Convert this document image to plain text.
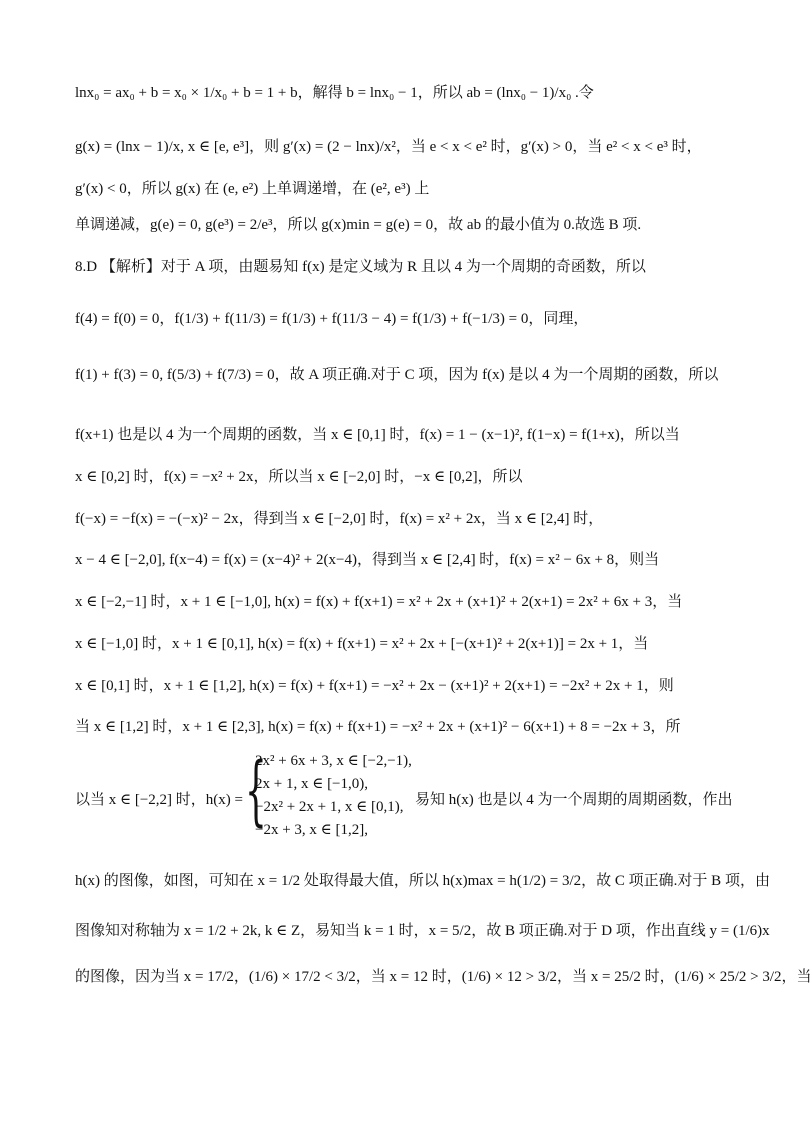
lnx₀ = ax₀ + b = x₀ × 1/x₀ + b = 1 + b，解得 b = lnx₀ − 1，所以 ab = (lnx₀ − 1)/x₀ .令
g(x) = (lnx − 1)/x, x ∈ [e, e³]，则 g′(x) = (2 − lnx)/x²，当 e < x < e² 时，g′(x) > 0，当 e² < x < e³ 时，
g′(x) < 0，所以 g(x) 在 (e, e²) 上单调递增，在 (e², e³) 上
单调递减，g(e) = 0, g(e³) = 2/e³，所以 g(x)min = g(e) = 0，故 ab 的最小值为 0.故选 B 项.
8.D 【解析】对于 A 项，由题易知 f(x) 是定义域为 R 且以 4 为一个周期的奇函数，所以
f(4) = f(0) = 0，f(1/3) + f(11/3) = f(1/3) + f(11/3 − 4) = f(1/3) + f(−1/3) = 0，同理，
f(1) + f(3) = 0, f(5/3) + f(7/3) = 0，故 A 项正确.对于 C 项，因为 f(x) 是以 4 为一个周期的函数，所以
f(x+1) 也是以 4 为一个周期的函数，当 x ∈ [0,1] 时，f(x) = 1 − (x−1)², f(1−x) = f(1+x)，所以当
x ∈ [0,2] 时，f(x) = −x² + 2x，所以当 x ∈ [−2,0] 时，−x ∈ [0,2]，所以
f(−x) = −f(x) = −(−x)² − 2x，得到当 x ∈ [−2,0] 时，f(x) = x² + 2x，当 x ∈ [2,4] 时，
x − 4 ∈ [−2,0], f(x−4) = f(x) = (x−4)² + 2(x−4)，得到当 x ∈ [2,4] 时，f(x) = x² − 6x + 8，则当
x ∈ [−2,−1] 时，x + 1 ∈ [−1,0], h(x) = f(x) + f(x+1) = x² + 2x + (x+1)² + 2(x+1) = 2x² + 6x + 3，当
x ∈ [−1,0] 时，x + 1 ∈ [0,1], h(x) = f(x) + f(x+1) = x² + 2x + [−(x+1)² + 2(x+1)] = 2x + 1，当
x ∈ [0,1] 时，x + 1 ∈ [1,2], h(x) = f(x) + f(x+1) = −x² + 2x − (x+1)² + 2(x+1) = −2x² + 2x + 1，则
当 x ∈ [1,2] 时，x + 1 ∈ [2,3], h(x) = f(x) + f(x+1) = −x² + 2x + (x+1)² − 6(x+1) + 8 = −2x + 3，所
以当 x ∈ [−2,2] 时，h(x) = {
2x² + 6x + 3, x ∈ [−2,−1),
2x + 1, x ∈ [−1,0),
−2x² + 2x + 1, x ∈ [0,1),
−2x + 3, x ∈ [1,2],
易知 h(x) 也是以 4 为一个周期的周期函数，作出
h(x) 的图像，如图，可知在 x = 1/2 处取得最大值，所以 h(x)max = h(1/2) = 3/2，故 C 项正确.对于 B 项，由
图像知对称轴为 x = 1/2 + 2k, k ∈ Z，易知当 k = 1 时，x = 5/2，故 B 项正确.对于 D 项，作出直线 y = (1/6)x
的图像，因为当 x = 17/2，(1/6) × 17/2 < 3/2，当 x = 12 时，(1/6) × 12 > 3/2，当 x = 25/2 时，(1/6) × 25/2 > 3/2，当
